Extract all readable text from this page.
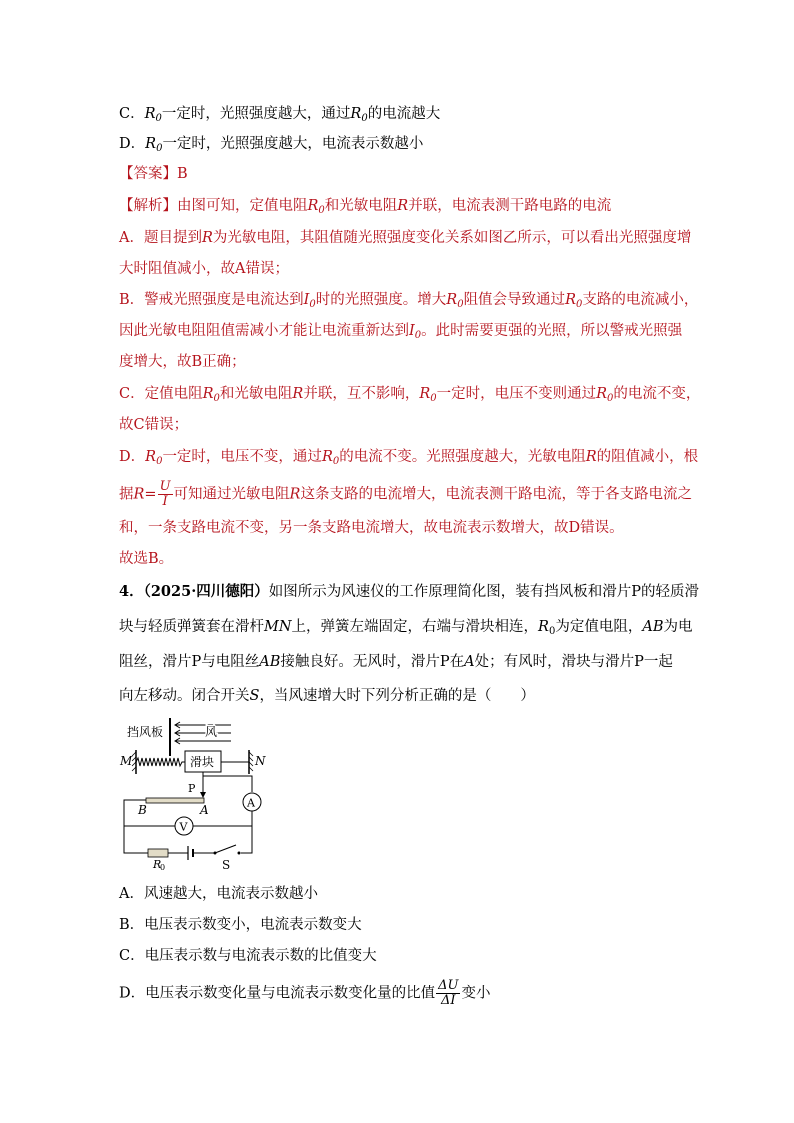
C．$R_0$一定时，光照强度越大，通过$R_0$的电流越大
D．$R_0$一定时，光照强度越大，电流表示数越小
【答案】B
【解析】由图可知，定值电阻$R_0$和光敏电阻R并联，电流表测干路电路的电流
A．题目提到R为光敏电阻，其阻值随光照强度变化关系如图乙所示，可以看出光照强度增
大时阻值减小，故A错误；
B．警戒光照强度是电流达到$I_0$时的光照强度。增大$R_0$阻值会导致通过$R_0$支路的电流减小，
因此光敏电阻阻值需减小才能让电流重新达到$I_0$。此时需要更强的光照，所以警戒光照强
度增大，故B正确；
C．定值电阻$R_0$和光敏电阻R并联，互不影响，$R_0$一定时，电压不变则通过$R_0$的电流不变，
故C错误；
D．$R_0$一定时，电压不变，通过$R_0$的电流不变。光照强度越大，光敏电阻R的阻值减小，根
据$R= \frac{U}{I}$ 可知通过光敏电阻R这条支路的电流增大，电流表测干路电流，等于各支路电流之
和，一条支路电流不变，另一条支路电流增大，故电流表示数增大，故D错误。
故选B。
4．（2025·四川德阳）如图所示为风速仪的工作原理简化图，装有挡风板和滑片P的轻质滑
块与轻质弹簧套在滑杆MN上，弹簧左端固定，右端与滑块相连，$R_0$为定值电阻，AB为电
阻丝，滑片P与电阻丝AB接触良好。无风时，滑片P在A处；有风时，滑块与滑片P一起
向左移动。闭合开关S，当风速增大时下列分析正确的是（　　）
挡风板	风
M	滑块	N
P
B	A	A
V
R
0	S
A．风速越大，电流表示数越小
B．电压表示数变小，电流表示数变大
C．电压表示数与电流表示数的比值变大
D．电压表示数变化量与电流表示数变化量的比值 $\frac{\Delta U}{\Delta I}$ 变小
